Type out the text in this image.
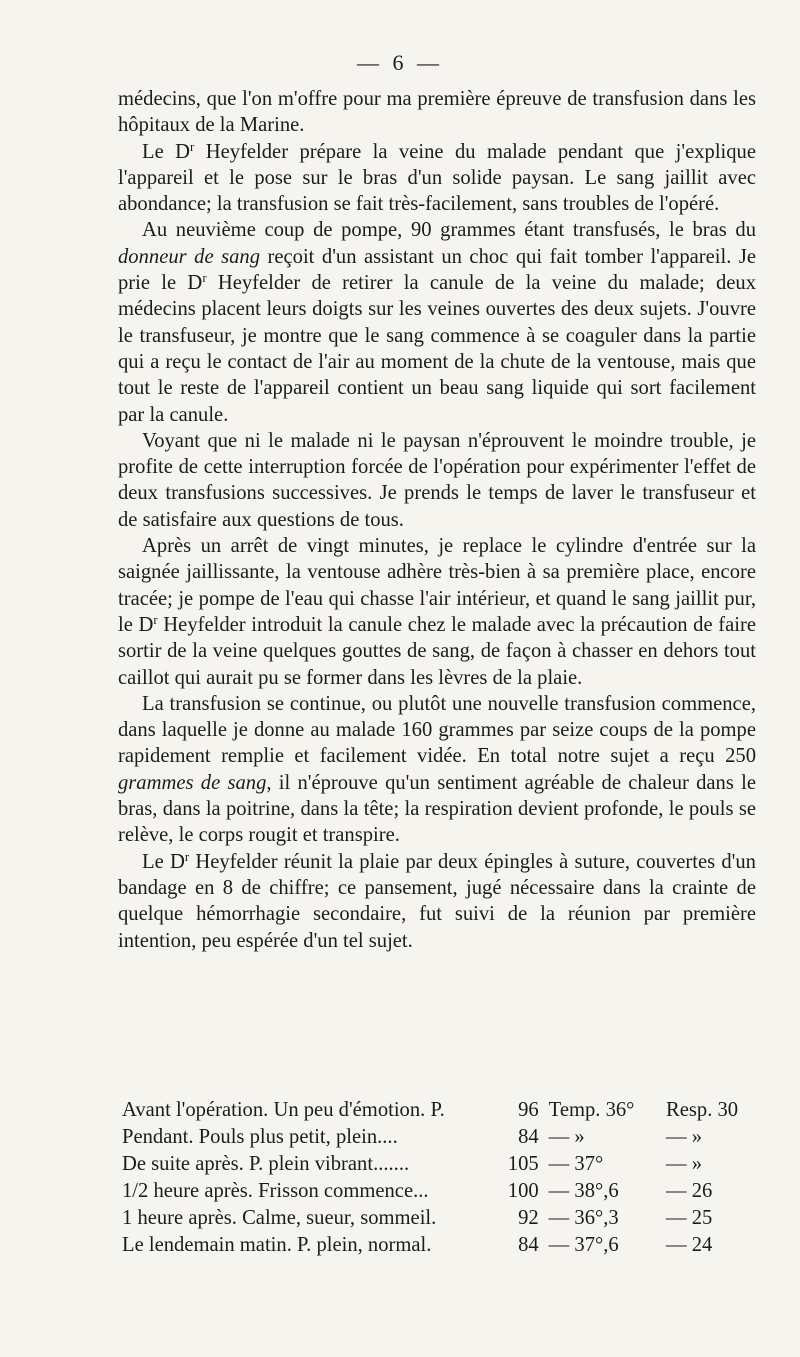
— 6 —

médecins, que l'on m'offre pour ma première épreuve de transfusion dans les hôpitaux de la Marine.

Le $D^r$ Heyfelder prépare la veine du malade pendant que j'explique l'appareil et le pose sur le bras d'un solide paysan. Le sang jaillit avec abondance; la transfusion se fait très-facilement, sans troubles de l'opéré.

Au neuvième coup de pompe, 90 grammes étant transfusés, le bras du donneur de sang reçoit d'un assistant un choc qui fait tomber l'appareil. Je prie le $D^r$ Heyfelder de retirer la canule de la veine du malade; deux médecins placent leurs doigts sur les veines ouvertes des deux sujets. J'ouvre le transfuseur, je montre que le sang commence à se coaguler dans la partie qui a reçu le contact de l'air au moment de la chute de la ventouse, mais que tout le reste de l'appareil contient un beau sang liquide qui sort facilement par la canule.

Voyant que ni le malade ni le paysan n'éprouvent le moindre trouble, je profite de cette interruption forcée de l'opération pour expérimenter l'effet de deux transfusions successives. Je prends le temps de laver le transfuseur et de satisfaire aux questions de tous.

Après un arrêt de vingt minutes, je replace le cylindre d'entrée sur la saignée jaillissante, la ventouse adhère très-bien à sa première place, encore tracée; je pompe de l'eau qui chasse l'air intérieur, et quand le sang jaillit pur, le $D^r$ Heyfelder introduit la canule chez le malade avec la précaution de faire sortir de la veine quelques gouttes de sang, de façon à chasser en dehors tout caillot qui aurait pu se former dans les lèvres de la plaie.

La transfusion se continue, ou plutôt une nouvelle transfusion commence, dans laquelle je donne au malade 160 grammes par seize coups de la pompe rapidement remplie et facilement vidée. En total notre sujet a reçu 250 grammes de sang, il n'éprouve qu'un sentiment agréable de chaleur dans le bras, dans la poitrine, dans la tête; la respiration devient profonde, le pouls se relève, le corps rougit et transpire.

Le $D^r$ Heyfelder réunit la plaie par deux épingles à suture, couvertes d'un bandage en 8 de chiffre; ce pansement, jugé nécessaire dans la crainte de quelque hémorrhagie secondaire, fut suivi de la réunion par première intention, peu espérée d'un tel sujet.

Avant l'opération. Un peu d'émotion. P.	96	Temp. 36°	Resp. 30
Pendant. Pouls plus petit, plein....	84	— »	— »
De suite après. P. plein vibrant.......	105	— 37°	— »
1/2 heure après. Frisson commence...	100	— 38°,6	— 26
1 heure après. Calme, sueur, sommeil.	92	— 36°,3	— 25
Le lendemain matin. P. plein, normal.	84	— 37°,6	— 24
